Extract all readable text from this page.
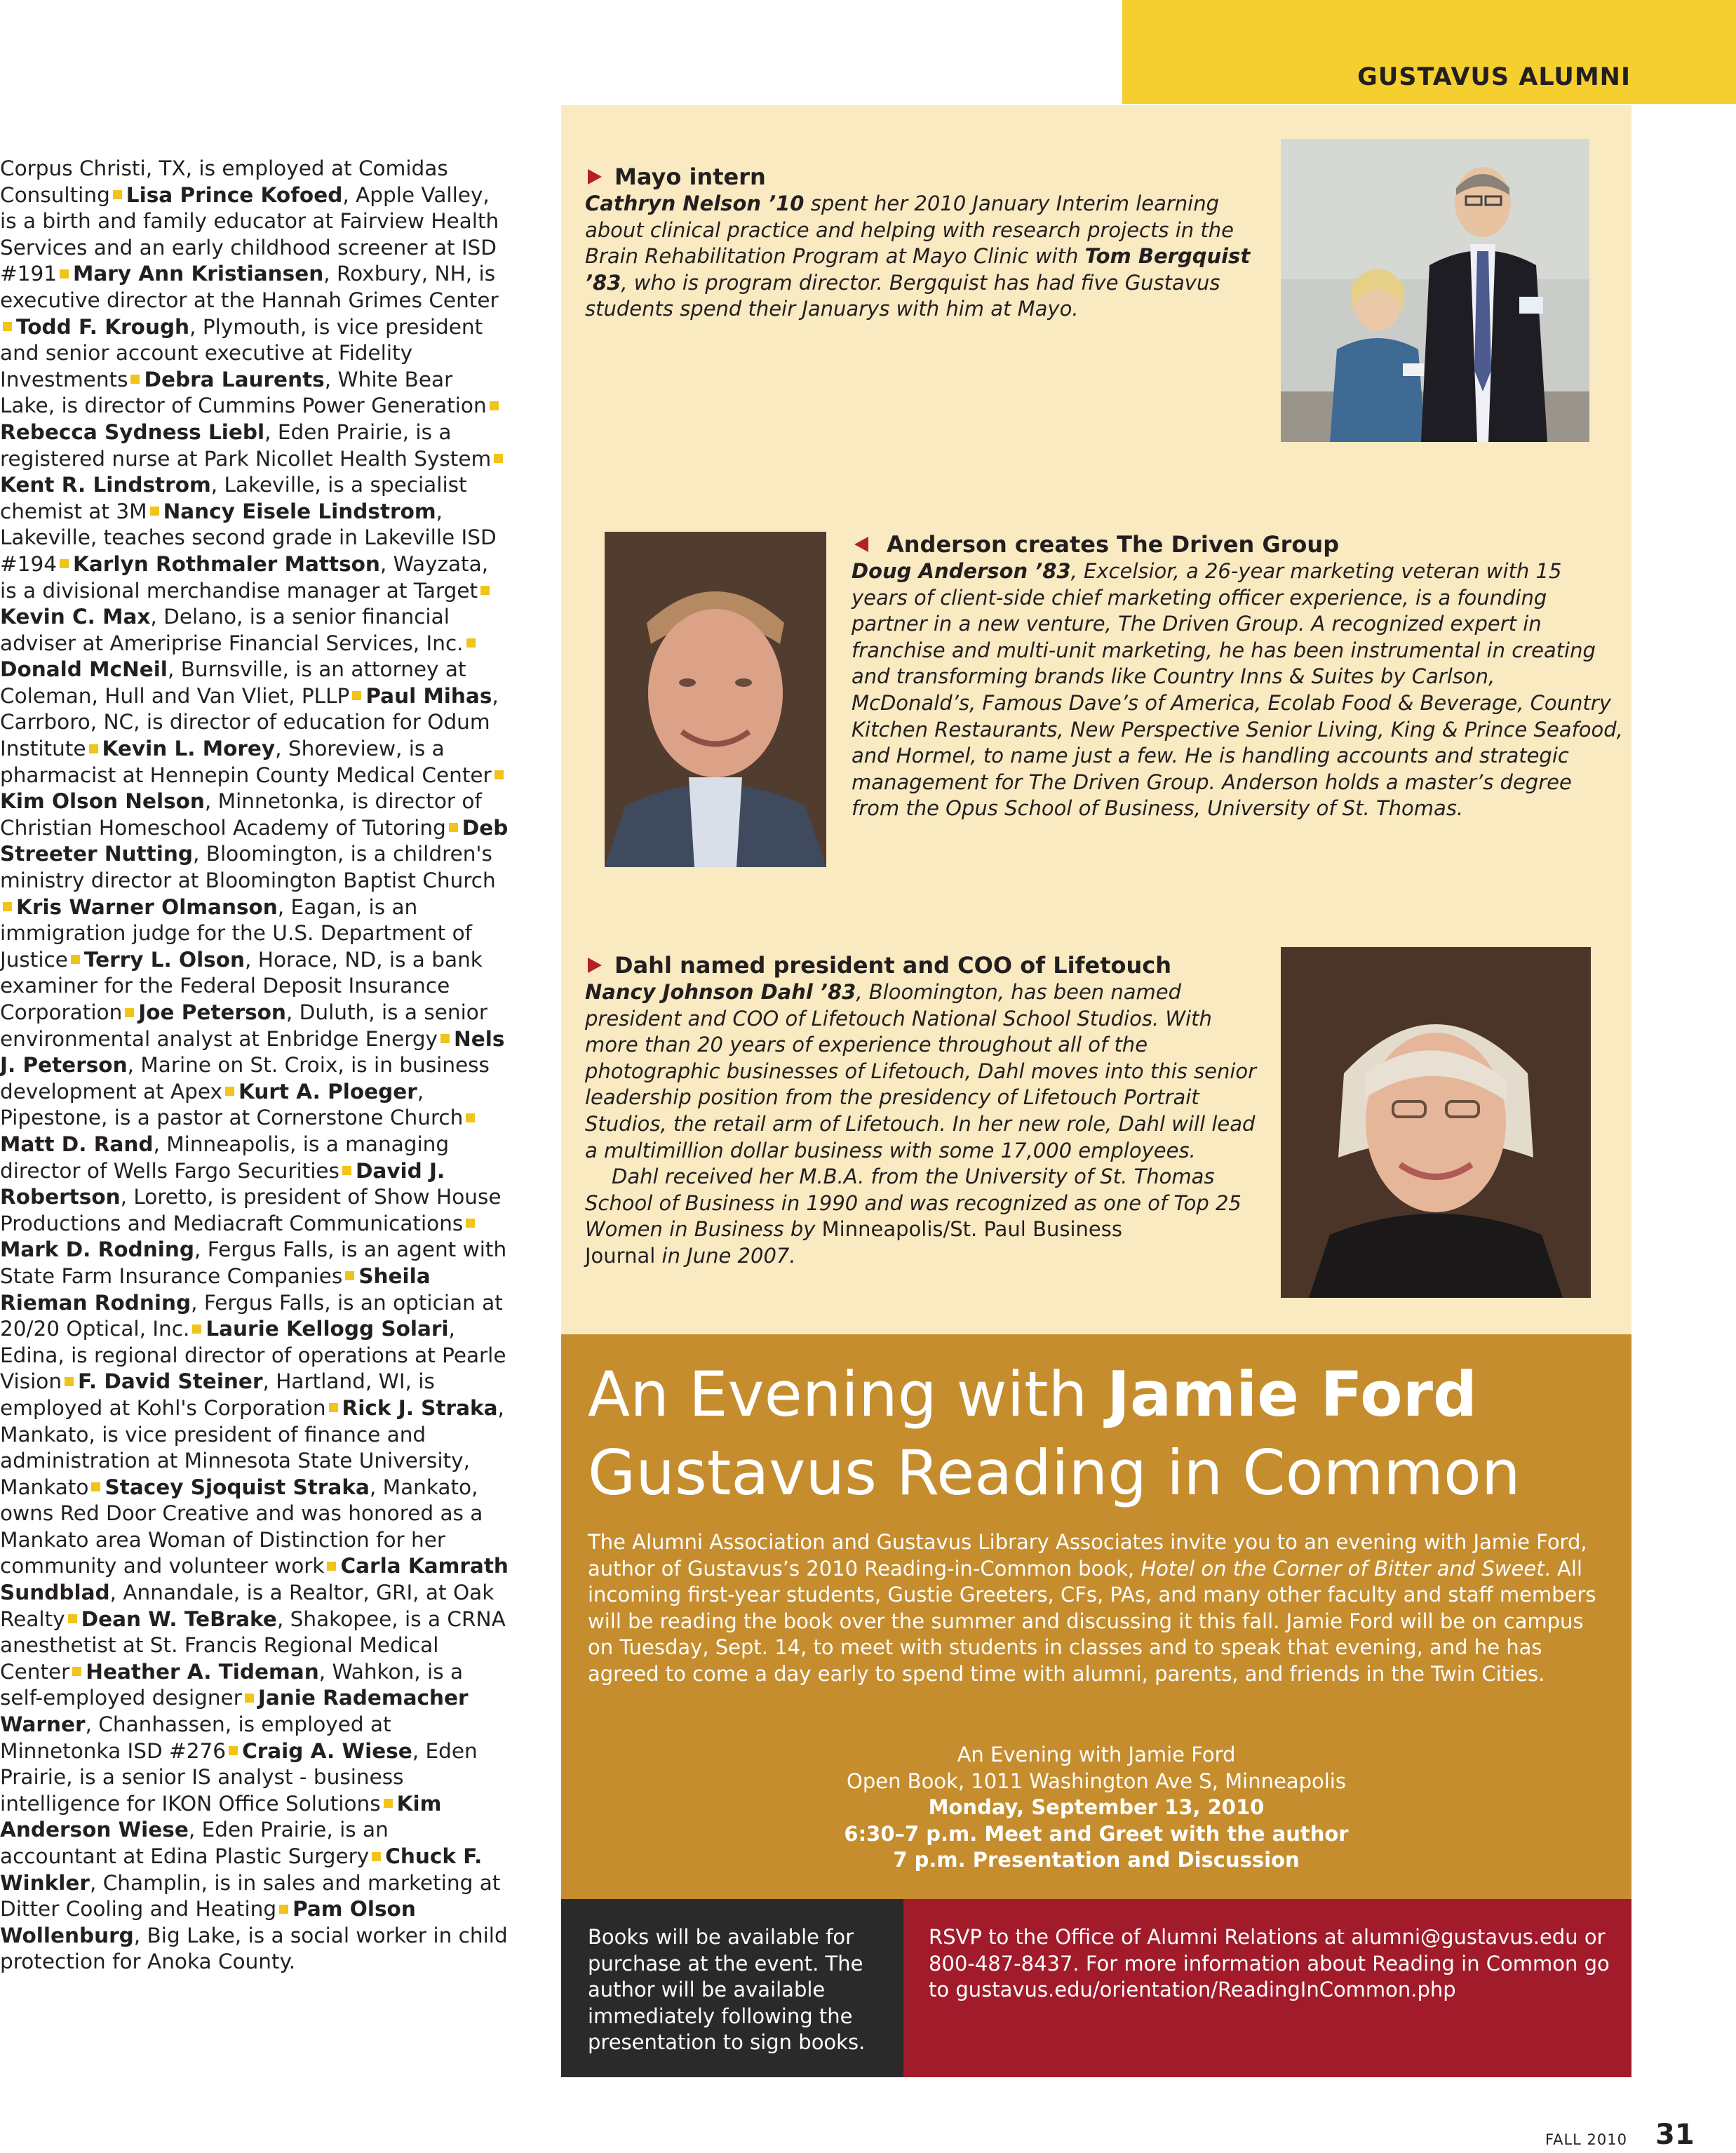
GUSTAVUS ALUMNI
Corpus Christi, TX, is employed at Comidas Consulting Lisa Prince Kofoed, Apple Valley, is a birth and family educator at Fairview Health Services and an early childhood screener at ISD #191 Mary Ann Kristiansen, Roxbury, NH, is executive director at the Hannah Grimes CenterTodd F. Krough, Plymouth, is vice president and senior account executive at Fidelity Investments Debra Laurents, White Bear Lake, is director of Cummins Power GenerationRebecca Sydness Liebl, Eden Prairie, is a registered nurse at Park Nicollet Health SystemKent R. Lindstrom, Lakeville, is a specialist chemist at 3M Nancy Eisele Lindstrom, Lakeville, teaches second grade in Lakeville ISD #194 Karlyn Rothmaler Mattson, Wayzata, is a divisional merchandise manager at TargetKevin C. Max, Delano, is a senior financial adviser at Ameriprise Financial Services, Inc.Donald McNeil, Burnsville, is an attorney at Coleman, Hull and Van Vliet, PLLP Paul Mihas, Carrboro, NC, is director of education for Odum Institute Kevin L. Morey, Shoreview, is a pharmacist at Hennepin County Medical CenterKim Olson Nelson, Minnetonka, is director of Christian Homeschool Academy of Tutoring Deb Streeter Nutting, Bloomington, is a children's ministry director at Bloomington Baptist ChurchKris Warner Olmanson, Eagan, is an immigration judge for the U.S. Department of Justice Terry L. Olson, Horace, ND, is a bank examiner for the Federal Deposit Insurance Corporation Joe Peterson, Duluth, is a senior environmental analyst at Enbridge Energy Nels J. Peterson, Marine on St. Croix, is in business development at Apex Kurt A. Ploeger, Pipestone, is a pastor at Cornerstone ChurchMatt D. Rand, Minneapolis, is a managing director of Wells Fargo Securities David J. Robertson, Loretto, is president of Show House Productions and Mediacraft CommunicationsMark D. Rodning, Fergus Falls, is an agent with State Farm Insurance Companies Sheila Rieman Rodning, Fergus Falls, is an optician at 20/20 Optical, Inc. Laurie Kellogg Solari, Edina, is regional director of operations at Pearle Vision F. David Steiner, Hartland, WI, is employed at Kohl's Corporation Rick J. Straka, Mankato, is vice president of finance and administration at Minnesota State University, Mankato Stacey Sjoquist Straka, Mankato, owns Red Door Creative and was honored as a Mankato area Woman of Distinction for her community and volunteer work Carla Kamrath Sundblad, Annandale, is a Realtor, GRI, at Oak Realty Dean W. TeBrake, Shakopee, is a CRNA anesthetist at St. Francis Regional Medical Center Heather A. Tideman, Wahkon, is a self-employed designer Janie Rademacher Warner, Chanhassen, is employed at Minnetonka ISD #276 Craig A. Wiese, Eden Prairie, is a senior IS analyst - business intelligence for IKON Office Solutions Kim Anderson Wiese, Eden Prairie, is an accountant at Edina Plastic Surgery Chuck F. Winkler, Champlin, is in sales and marketing at Ditter Cooling and Heating Pam Olson Wollenburg, Big Lake, is a social worker in child protection for Anoka County.
Mayo intern
Cathryn Nelson ’10 spent her 2010 January Interim learning about clinical practice and helping with research projects in the Brain Rehabilitation Program at Mayo Clinic with Tom Bergquist ’83, who is program director. Bergquist has had five Gustavus students spend their Januarys with him at Mayo.
Anderson creates The Driven Group
Doug Anderson ’83, Excelsior, a 26-year marketing veteran with 15 years of client-side chief marketing officer experience, is a founding partner in a new venture, The Driven Group. A recognized expert in franchise and multi-unit marketing, he has been instrumental in creating and transforming brands like Country Inns & Suites by Carlson, McDonald’s, Famous Dave’s of America, Ecolab Food & Beverage, Country Kitchen Restaurants, New Perspective Senior Living, King & Prince Seafood, and Hormel, to name just a few. He is handling accounts and strategic management for The Driven Group. Anderson holds a master’s degree from the Opus School of Business, University of St. Thomas.
Dahl named president and COO of Lifetouch
Nancy Johnson Dahl ’83, Bloomington, has been named president and COO of Lifetouch National School Studios. With more than 20 years of experience throughout all of the photographic businesses of Lifetouch, Dahl moves into this senior leadership position from the presidency of Lifetouch Portrait Studios, the retail arm of Lifetouch. In her new role, Dahl will lead a multimillion dollar business with some 17,000 employees.
Dahl received her M.B.A. from the University of St. Thomas School of Business in 1990 and was recognized as one of Top 25 Women in Business by Minneapolis/St. Paul Business
Journal in June 2007.
An Evening with Jamie Ford
Gustavus Reading in Common
The Alumni Association and Gustavus Library Associates invite you to an evening with Jamie Ford, author of Gustavus’s 2010 Reading-in-Common book, Hotel on the Corner of Bitter and Sweet. All incoming first-year students, Gustie Greeters, CFs, PAs, and many other faculty and staff members will be reading the book over the summer and discussing it this fall. Jamie Ford will be on campus on Tuesday, Sept. 14, to meet with students in classes and to speak that evening, and he has agreed to come a day early to spend time with alumni, parents, and friends in the Twin Cities.
An Evening with Jamie Ford
Open Book, 1011 Washington Ave S, Minneapolis
Monday, September 13, 2010
6:30–7 p.m. Meet and Greet with the author
7 p.m. Presentation and Discussion
Books will be available for purchase at the event. The author will be available immediately following the presentation to sign books.
RSVP to the Office of Alumni Relations at alumni@gustavus.edu or 800-487-8437. For more information about Reading in Common go to gustavus.edu/orientation/ReadingInCommon.php
FALL 2010 31
